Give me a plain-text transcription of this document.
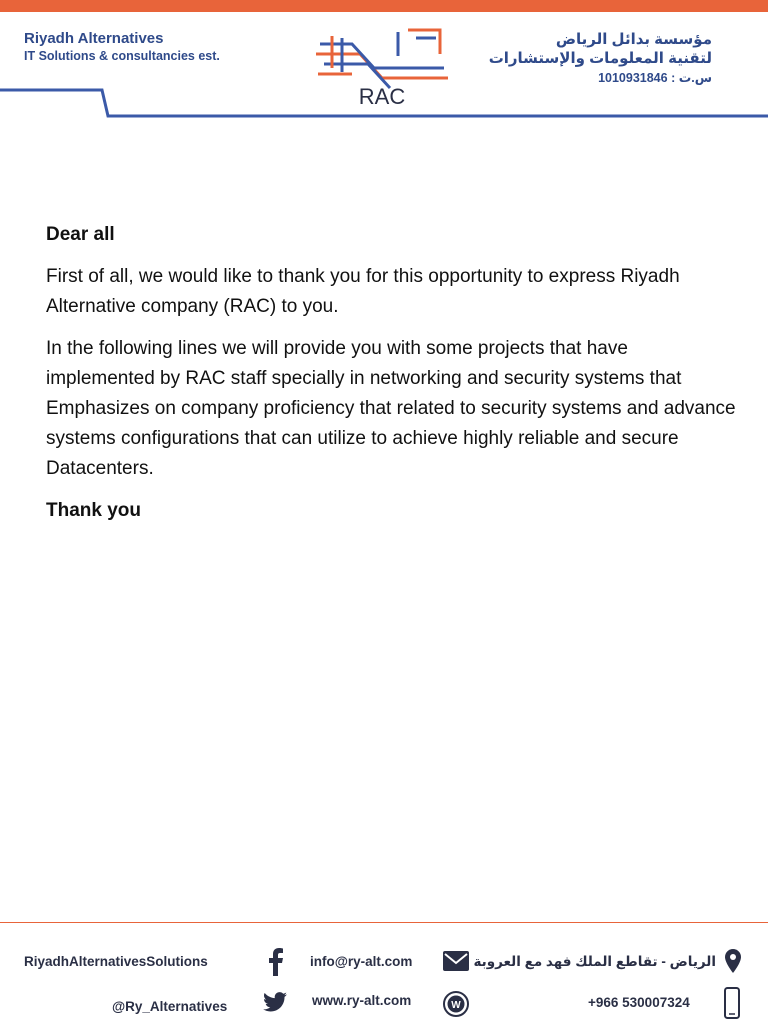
Riyadh Alternatives
IT Solutions & consultancies est.
RAC
مؤسسة بدائل الرياض
لتقنية المعلومات والإستشارات
س.ت : 1010931846

Dear all

First of all, we would like to thank you for this opportunity to express Riyadh Alternative company (RAC) to you.

In the following lines we will provide you with some projects that have implemented by RAC staff specially in networking and security systems that Emphasizes on company proficiency that related to security systems and advance systems configurations that can utilize to achieve highly reliable and secure Datacenters.

Thank you

RiyadhAlternativesSolutions	info@ry-alt.com	الرياض - تقاطع الملك فهد مع العروبة
@Ry_Alternatives	www.ry-alt.com	W	+966 530007324
